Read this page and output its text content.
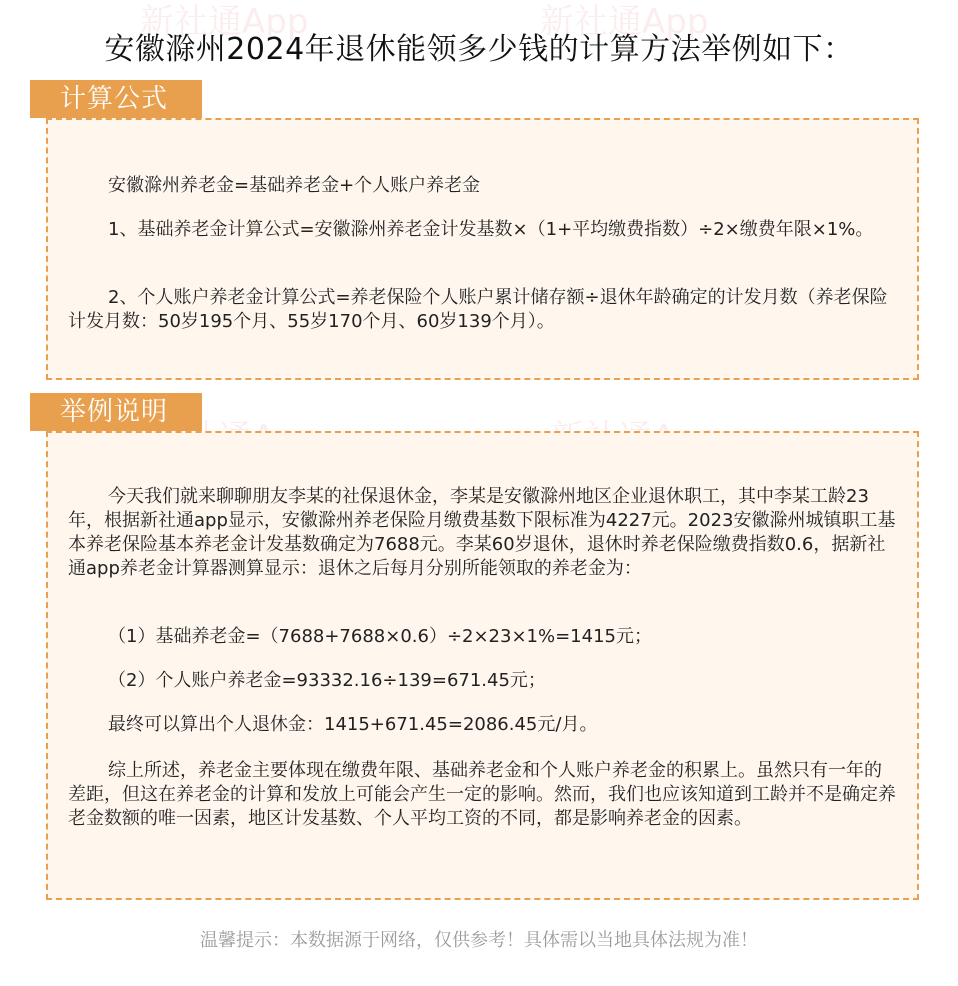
新社通App	新社通App
安徽滁州2024年退休能领多少钱的计算方法举例如下：

安徽滁州养老金=基础养老金+个人账户养老金

1、基础养老金计算公式=安徽滁州养老金计发基数×（1+平均缴费指数）÷2×缴费年限×1%。

2、个人账户养老金计算公式=养老保险个人账户累计储存额÷退休年龄确定的计发月数（养老保险计发月数：50岁195个月、55岁170个月、60岁139个月）。

计算公式

今天我们就来聊聊朋友李某的社保退休金，李某是安徽滁州地区企业退休职工，其中李某工龄23年，根据新社通app显示，安徽滁州养老保险月缴费基数下限标准为4227元。2023安徽滁州城镇职工基本养老保险基本养老金计发基数确定为7688元。李某60岁退休，退休时养老保险缴费指数0.6，据新社通app养老金计算器测算显示：退休之后每月分别所能领取的养老金为：

（1）基础养老金=（7688+7688×0.6）÷2×23×1%=1415元；

（2）个人账户养老金=93332.16÷139=671.45元；

最终可以算出个人退休金：1415+671.45=2086.45元/月。

综上所述，养老金主要体现在缴费年限、基础养老金和个人账户养老金的积累上。虽然只有一年的差距，但这在养老金的计算和发放上可能会产生一定的影响。然而，我们也应该知道到工龄并不是确定养老金数额的唯一因素，地区计发基数、个人平均工资的不同，都是影响养老金的因素。

举例说明
温馨提示：本数据源于网络，仅供参考！具体需以当地具体法规为准！
